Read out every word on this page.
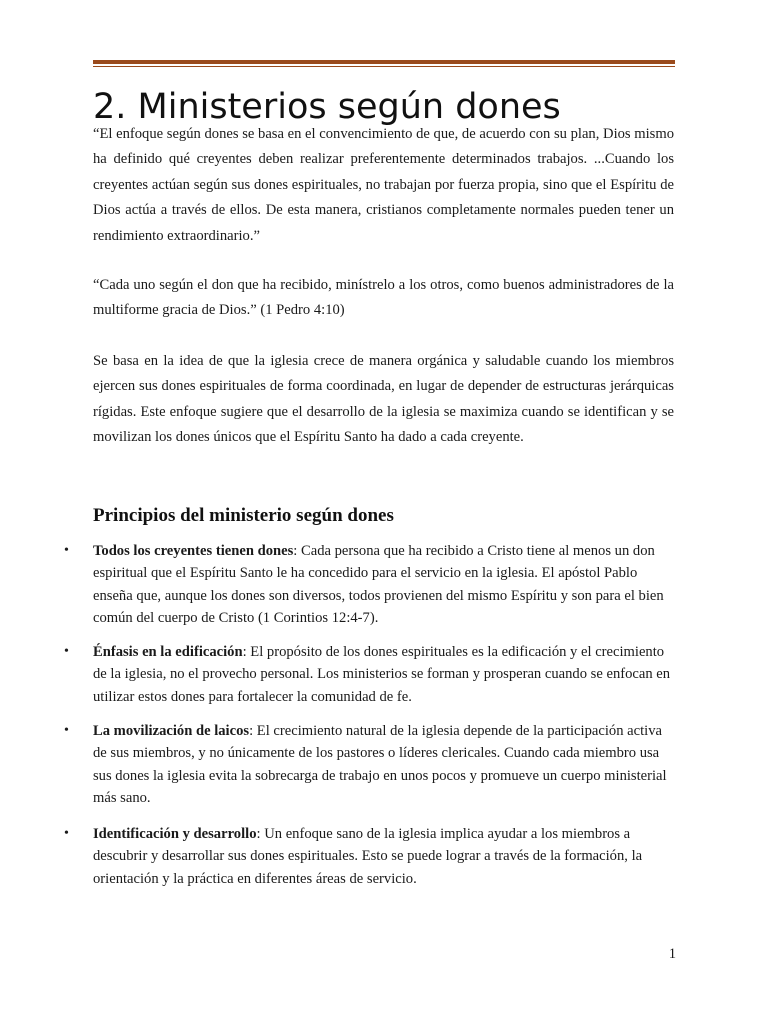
2. Ministerios según dones

“El enfoque según dones se basa en el convencimiento de que, de acuerdo con su plan, Dios mismo ha definido qué creyentes deben realizar preferentemente determinados trabajos. ...Cuando los creyentes actúan según sus dones espirituales, no trabajan por fuerza propia, sino que el Espíritu de Dios actúa a través de ellos. De esta manera, cristianos completamente normales pueden tener un rendimiento extraordinario.”

“Cada uno según el don que ha recibido, minístrelo a los otros, como buenos administradores de la multiforme gracia de Dios.” (1 Pedro 4:10)

Se basa en la idea de que la iglesia crece de manera orgánica y saludable cuando los miembros ejercen sus dones espirituales de forma coordinada, en lugar de depender de estructuras jerárquicas rígidas. Este enfoque sugiere que el desarrollo de la iglesia se maximiza cuando se identifican y se movilizan los dones únicos que el Espíritu Santo ha dado a cada creyente.

Principios del ministerio según dones
• Todos los creyentes tienen dones: Cada persona que ha recibido a Cristo tiene al menos un don espiritual que el Espíritu Santo le ha concedido para el servicio en la iglesia. El apóstol Pablo enseña que, aunque los dones son diversos, todos provienen del mismo Espíritu y son para el bien común del cuerpo de Cristo (1 Corintios 12:4-7).
• Énfasis en la edificación: El propósito de los dones espirituales es la edificación y el crecimiento de la iglesia, no el provecho personal. Los ministerios se forman y prosperan cuando se enfocan en utilizar estos dones para fortalecer la comunidad de fe.
• La movilización de laicos: El crecimiento natural de la iglesia depende de la participación activa de sus miembros, y no únicamente de los pastores o líderes clericales. Cuando cada miembro usa sus dones la iglesia evita la sobrecarga de trabajo en unos pocos y promueve un cuerpo ministerial más sano.
• Identificación y desarrollo: Un enfoque sano de la iglesia implica ayudar a los miembros a descubrir y desarrollar sus dones espirituales. Esto se puede lograr a través de la formación, la orientación y la práctica en diferentes áreas de servicio.
1
